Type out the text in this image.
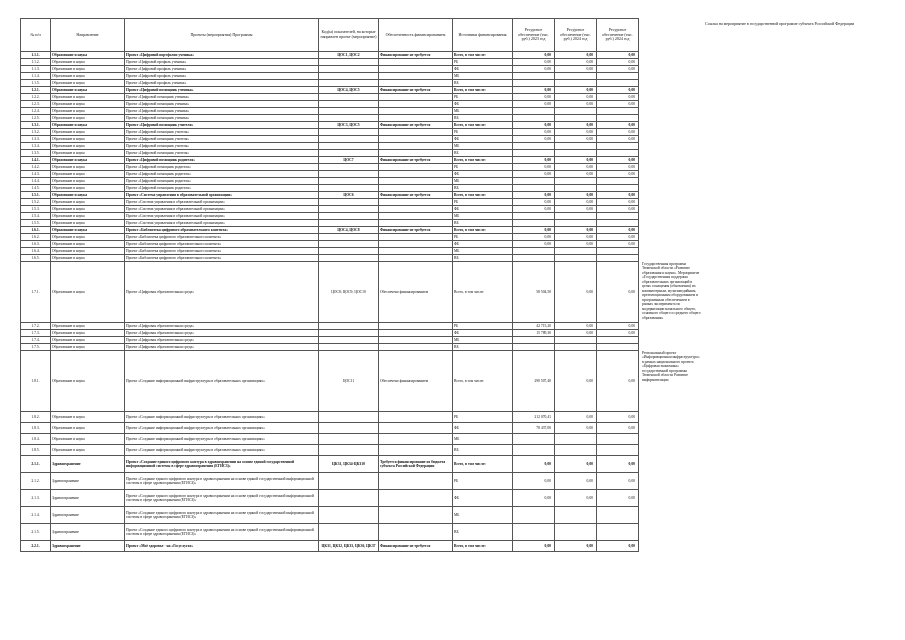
№ п/п	Направление	Проекты (мероприятия) Программы	Код(ы) показателей, на которые направлен проект (мероприятие)	Обеспеченность финансированием	Источники финансирования	Ресурсное обеспечение (тыс. руб.) 2023 год	Ресурсное обеспечение (тыс. руб.) 2024 год	Ресурсное обеспечение (тыс. руб.) 2024 год	
1.1.1.	Образование и наука	Проект «Цифровой портфолио ученика»	ЦОС1, ЦОС2	Финансирование не требуется	Всего, в том числе:	0,00	0,00	0,00	
1.1.2.	Образование и наука	Проект «Цифровой профиль ученика»			РБ	0,00	0,00	0,00	
1.1.3.	Образование и наука	Проект «Цифровой профиль ученика»			ФБ	0,00	0,00	0,00	
1.1.4.	Образование и наука	Проект «Цифровой профиль ученика»			МБ				
1.1.5.	Образование и наука	Проект «Цифровой профиль ученика»			ВБ				
1.2.1.	Образование и наука	Проект «Цифровой помощник ученика»	ЦОС4, ЦОС5	Финансирование не требуется	Всего, в том числе:	0,00	0,00	0,00	
1.2.2.	Образование и наука	Проект «Цифровой помощник ученика»			РБ	0,00	0,00	0,00	
1.2.3.	Образование и наука	Проект «Цифровой помощник ученика»			ФБ	0,00	0,00	0,00	
1.2.4.	Образование и наука	Проект «Цифровой помощник ученика»			МБ				
1.2.5.	Образование и наука	Проект «Цифровой помощник ученика»			ВБ				
1.3.1.	Образование и наука	Проект «Цифровой помощник учителя»	ЦОС3, ЦОС5	Финансирование не требуется	Всего, в том числе:	0,00	0,00	0,00	
1.3.2.	Образование и наука	Проект «Цифровой помощник учителя»			РБ	0,00	0,00	0,00	
1.3.3.	Образование и наука	Проект «Цифровой помощник учителя»			ФБ	0,00	0,00	0,00	
1.3.4.	Образование и наука	Проект «Цифровой помощник учителя»			МБ				
1.3.5.	Образование и наука	Проект «Цифровой помощник учителя»			ВБ				
1.4.1.	Образование и наука	Проект «Цифровой помощник родителя»	ЦОС7	Финансирование не требуется	Всего, в том числе:	0,00	0,00	0,00	
1.4.2.	Образование и наука	Проект «Цифровой помощник родителя»			РБ	0,00	0,00	0,00	
1.4.3.	Образование и наука	Проект «Цифровой помощник родителя»			ФБ	0,00	0,00	0,00	
1.4.4.	Образование и наука	Проект «Цифровой помощник родителя»			МБ				
1.4.5.	Образование и наука	Проект «Цифровой помощник родителя»			ВБ				
1.5.1.	Образование и наука	Проект «Система управления в образовательной организации»	ЦОС6	Финансирование не требуется	Всего, в том числе:	0,00	0,00	0,00	
1.5.2.	Образование и наука	Проект «Система управления в образовательной организации»			РБ	0,00	0,00	0,00	
1.5.3.	Образование и наука	Проект «Система управления в образовательной организации»			ФБ	0,00	0,00	0,00	
1.5.4.	Образование и наука	Проект «Система управления в образовательной организации»			МБ				
1.5.5.	Образование и наука	Проект «Система управления в образовательной организации»			ВБ				
1.6.1.	Образование и наука	Проект «Библиотека цифрового образовательного контента»	ЦОС4, ЦОС8	Финансирование не требуется	Всего, в том числе:	0,00	0,00	0,00	
1.6.2.	Образование и наука	Проект «Библиотека цифрового образовательного контента»			РБ	0,00	0,00	0,00	
1.6.3.	Образование и наука	Проект «Библиотека цифрового образовательного контента»			ФБ	0,00	0,00	0,00	
1.6.4.	Образование и наука	Проект «Библиотека цифрового образовательного контента»			МБ				
1.6.5.	Образование и наука	Проект «Библиотека цифрового образовательного контента»			ВБ				
1.7.1.	Образование и наука	Проект «Цифровая образовательная среда»	ЦОС8; ЦОС9; ЦОС10	Обеспечено финансированием	Всего, в том числе:	58 504,50	0,00	0,00	Государственная программа Тюменской области «Развитие образования и науки». Мероприятие «Государственная поддержка образовательных организаций в целях оснащения (обновления) их компьютерным, мультимедийным, презентационным оборудованием и программным обеспечением в рамках эксперимента по модернизации начального общего, основного общего и среднего общего образования»
1.7.2.	Образование и наука	Проект «Цифровая образовательная среда»			РБ	42 715,20	0,00	0,00	
1.7.3.	Образование и наука	Проект «Цифровая образовательная среда»			ФБ	15 789,30	0,00	0,00	
1.7.4.	Образование и наука	Проект «Цифровая образовательная среда»			МБ				
1.7.5.	Образование и наука	Проект «Цифровая образовательная среда»			ВБ				
1.8.1.	Образование и наука	Проект «Создание информационной инфраструктуры в образовательных организациях»	ЦОС11	Обеспечено финансированием	Всего, в том числе:	290 507,40	0,00	0,00	Региональный проект «Информационная инфраструктура» в рамках национального проекта «Цифровая экономика» государственной программы Тюменской области Развитие информатизации
1.8.2.	Образование и наука	Проект «Создание информационной инфраструктуры в образовательных организациях»			РБ	212 070,41	0,00	0,00	
1.8.3.	Образование и наука	Проект «Создание информационной инфраструктуры в образовательных организациях»			ФБ	78 437,00	0,00	0,00	
1.8.4.	Образование и наука	Проект «Создание информационной инфраструктуры в образовательных организациях»			МБ				
1.8.5.	Образование и наука	Проект «Создание информационной инфраструктуры в образовательных организациях»			ВБ				
2.1.1.	Здравоохранение	Проект «Создание единого цифрового контура в здравоохранении на основе единой государственной информационной системы в сфере здравоохранения (ЕГИСЗ)»	ЦКЗ1, ЦКЗ4-ЦКЗ10	Требуется финансирование из бюджета субъекта Российской Федерации	Всего, в том числе:	0,00	0,00	0,00	
2.1.2.	Здравоохранение	Проект «Создание единого цифрового контура в здравоохранении на основе единой государственной информационной системы в сфере здравоохранения (ЕГИСЗ)»			РБ	0,00	0,00	0,00	
2.1.3.	Здравоохранение	Проект «Создание единого цифрового контура в здравоохранении на основе единой государственной информационной системы в сфере здравоохранения (ЕГИСЗ)»			ФБ	0,00	0,00	0,00	
2.1.4.	Здравоохранение	Проект «Создание единого цифрового контура в здравоохранении на основе единой государственной информационной системы в сфере здравоохранения (ЕГИСЗ)»			МБ				
2.1.5.	Здравоохранение	Проект «Создание единого цифрового контура в здравоохранении на основе единой государственной информационной системы в сфере здравоохранения (ЕГИСЗ)»			ВБ				
2.2.1.	Здравоохранение	Проект «Моё здоровье - на «Госуслугах»	ЦКЗ1, ЦКЗ2, ЦКЗ3, ЦКЗ6, ЦКЗ7	Финансирование не требуется	Всего, в том числе:	0,00	0,00	0,00	
Ссылка на мероприятие в государственной программе субъекта Российской Федерации
